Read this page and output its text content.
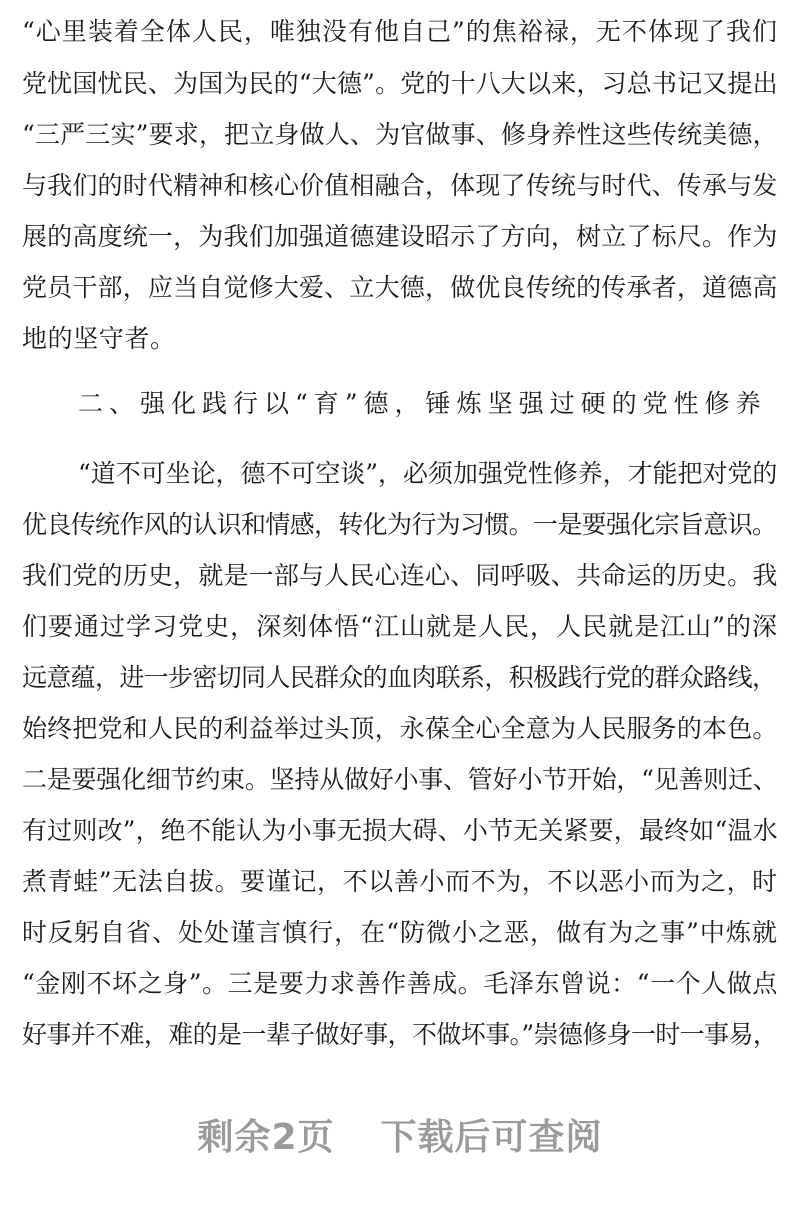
“心里装着全体人民，唯独没有他自己”的焦裕禄，无不体现了我们
党忧国忧民、为国为民的“大德”。党的十八大以来，习总书记又提出
“三严三实”要求，把立身做人、为官做事、修身养性这些传统美德，
与我们的时代精神和核心价值相融合，体现了传统与时代、传承与发
展的高度统一，为我们加强道德建设昭示了方向，树立了标尺。作为
党员干部，应当自觉修大爱、立大德，做优良传统的传承者，道德高
地的坚守者。
二、强化践行以“育”德，锤炼坚强过硬的党性修养
“道不可坐论，德不可空谈”，必须加强党性修养，才能把对党的
优良传统作风的认识和情感，转化为行为习惯。一是要强化宗旨意识。
我们党的历史，就是一部与人民心连心、同呼吸、共命运的历史。我
们要通过学习党史，深刻体悟“江山就是人民，人民就是江山”的深
远意蕴，进一步密切同人民群众的血肉联系，积极践行党的群众路线，
始终把党和人民的利益举过头顶，永葆全心全意为人民服务的本色。
二是要强化细节约束。坚持从做好小事、管好小节开始，“见善则迁、
有过则改”，绝不能认为小事无损大碍、小节无关紧要，最终如“温水
煮青蛙”无法自拔。要谨记，不以善小而不为，不以恶小而为之，时
时反躬自省、处处谨言慎行，在“防微小之恶，做有为之事”中炼就
“金刚不坏之身”。三是要力求善作善成。毛泽东曾说：“一个人做点
好事并不难，难的是一辈子做好事，不做坏事。”崇德修身一时一事易，
剩余2页 下载后可查阅
